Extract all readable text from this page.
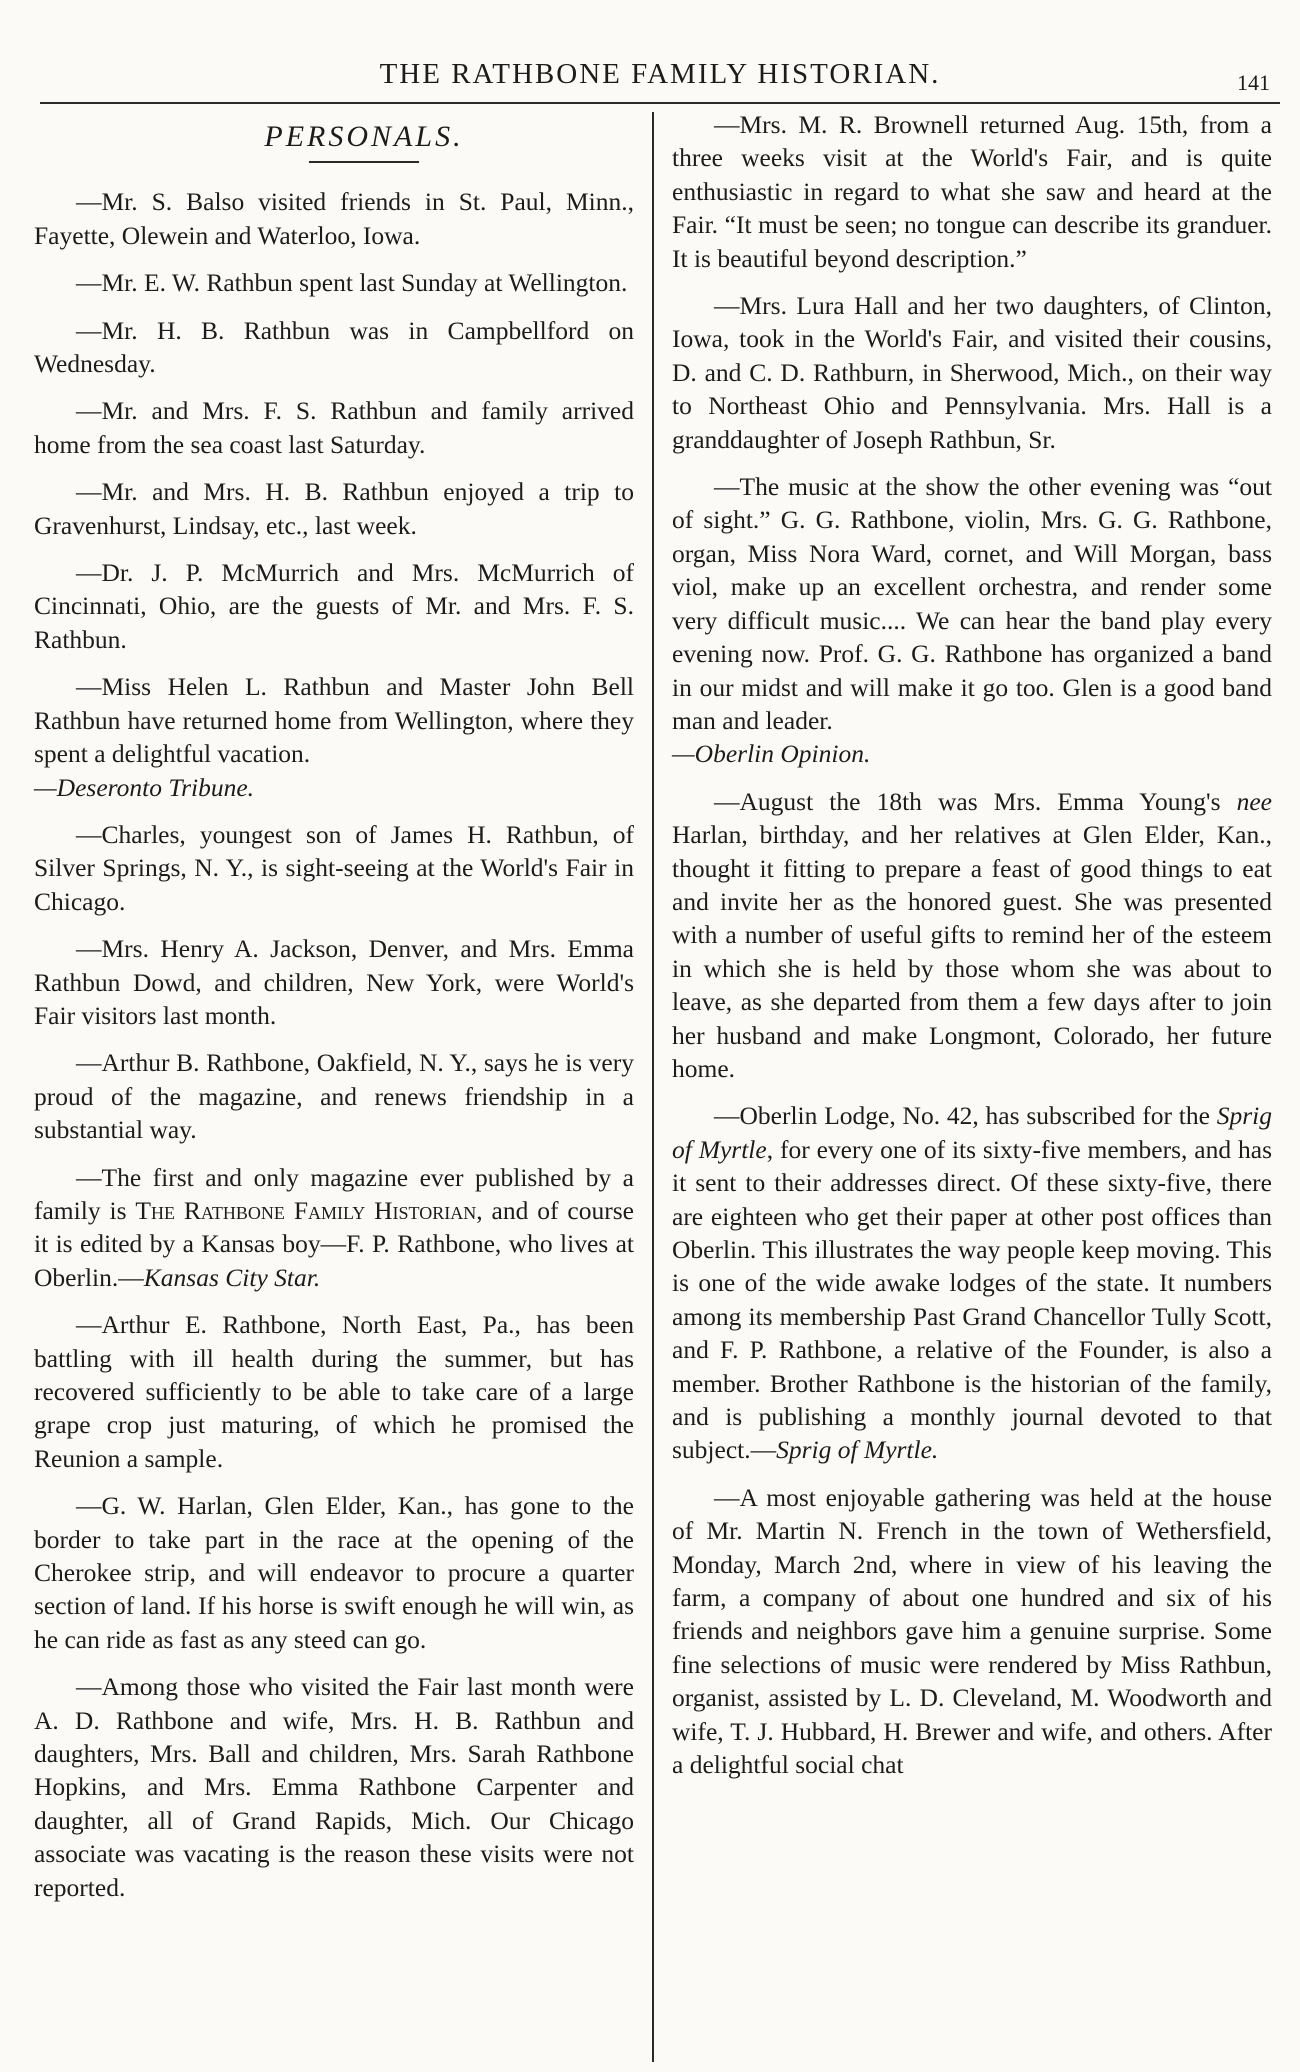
THE RATHBONE FAMILY HISTORIAN.	141
PERSONALS.

—Mr. S. Balso visited friends in St. Paul, Minn., Fayette, Olewein and Waterloo, Iowa.

—Mr. E. W. Rathbun spent last Sunday at Wellington.

—Mr. H. B. Rathbun was in Campbellford on Wednesday.

—Mr. and Mrs. F. S. Rathbun and family arrived home from the sea coast last Saturday.

—Mr. and Mrs. H. B. Rathbun enjoyed a trip to Gravenhurst, Lindsay, etc., last week.

—Dr. J. P. McMurrich and Mrs. McMurrich of Cincinnati, Ohio, are the guests of Mr. and Mrs. F. S. Rathbun.

—Miss Helen L. Rathbun and Master John Bell Rathbun have returned home from Wellington, where they spent a delightful vacation.
—Deseronto Tribune.

—Charles, youngest son of James H. Rathbun, of Silver Springs, N. Y., is sight-seeing at the World's Fair in Chicago.

—Mrs. Henry A. Jackson, Denver, and Mrs. Emma Rathbun Dowd, and children, New York, were World's Fair visitors last month.

—Arthur B. Rathbone, Oakfield, N. Y., says he is very proud of the magazine, and renews friendship in a substantial way.

—The first and only magazine ever published by a family is The Rathbone Family Historian, and of course it is edited by a Kansas boy—F. P. Rathbone, who lives at Oberlin.—Kansas City Star.

—Arthur E. Rathbone, North East, Pa., has been battling with ill health during the summer, but has recovered sufficiently to be able to take care of a large grape crop just maturing, of which he promised the Reunion a sample.

—G. W. Harlan, Glen Elder, Kan., has gone to the border to take part in the race at the opening of the Cherokee strip, and will endeavor to procure a quarter section of land. If his horse is swift enough he will win, as he can ride as fast as any steed can go.

—Among those who visited the Fair last month were A. D. Rathbone and wife, Mrs. H. B. Rathbun and daughters, Mrs. Ball and children, Mrs. Sarah Rathbone Hopkins, and Mrs. Emma Rathbone Carpenter and daughter, all of Grand Rapids, Mich. Our Chicago associate was vacating is the reason these visits were not reported.

—Mrs. M. R. Brownell returned Aug. 15th, from a three weeks visit at the World's Fair, and is quite enthusiastic in regard to what she saw and heard at the Fair. “It must be seen; no tongue can describe its granduer. It is beautiful beyond description.”

—Mrs. Lura Hall and her two daughters, of Clinton, Iowa, took in the World's Fair, and visited their cousins, D. and C. D. Rathburn, in Sherwood, Mich., on their way to Northeast Ohio and Pennsylvania. Mrs. Hall is a granddaughter of Joseph Rathbun, Sr.

—The music at the show the other evening was “out of sight.” G. G. Rathbone, violin, Mrs. G. G. Rathbone, organ, Miss Nora Ward, cornet, and Will Morgan, bass viol, make up an excellent orchestra, and render some very difficult music.... We can hear the band play every evening now. Prof. G. G. Rathbone has organized a band in our midst and will make it go too. Glen is a good band man and leader.
—Oberlin Opinion.

—August the 18th was Mrs. Emma Young's nee Harlan, birthday, and her relatives at Glen Elder, Kan., thought it fitting to prepare a feast of good things to eat and invite her as the honored guest. She was presented with a number of useful gifts to remind her of the esteem in which she is held by those whom she was about to leave, as she departed from them a few days after to join her husband and make Longmont, Colorado, her future home.

—Oberlin Lodge, No. 42, has subscribed for the Sprig of Myrtle, for every one of its sixty-five members, and has it sent to their addresses direct. Of these sixty-five, there are eighteen who get their paper at other post offices than Oberlin. This illustrates the way people keep moving. This is one of the wide awake lodges of the state. It numbers among its membership Past Grand Chancellor Tully Scott, and F. P. Rathbone, a relative of the Founder, is also a member. Brother Rathbone is the historian of the family, and is publishing a monthly journal devoted to that subject.—Sprig of Myrtle.

—A most enjoyable gathering was held at the house of Mr. Martin N. French in the town of Wethersfield, Monday, March 2nd, where in view of his leaving the farm, a company of about one hundred and six of his friends and neighbors gave him a genuine surprise. Some fine selections of music were rendered by Miss Rathbun, organist, assisted by L. D. Cleveland, M. Woodworth and wife, T. J. Hubbard, H. Brewer and wife, and others. After a delightful social chat
